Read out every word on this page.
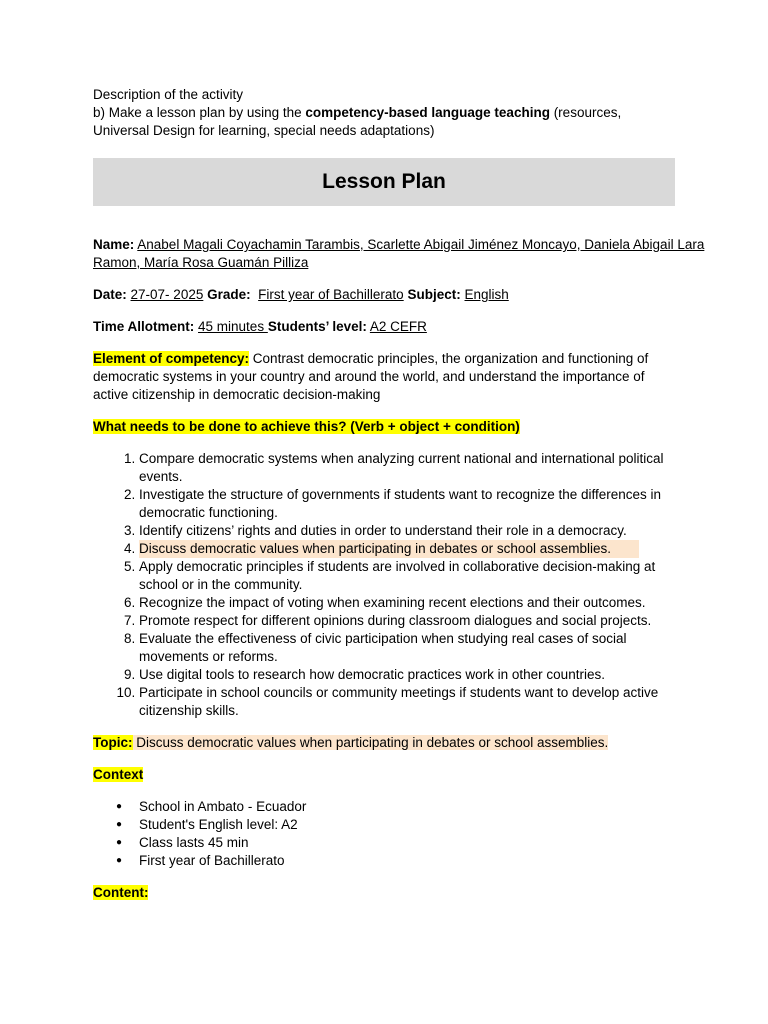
Description of the activity

b) Make a lesson plan by using the competency-based language teaching (resources, Universal Design for learning, special needs adaptations)

Lesson Plan

Name: Anabel Magali Coyachamin Tarambis, Scarlette Abigail Jiménez Moncayo, Daniela Abigail Lara Ramon, María Rosa Guamán Pilliza

Date: 27-07- 2025 Grade: First year of Bachillerato Subject: English

Time Allotment: 45 minutes Students’ level: A2 CEFR

Element of competency: Contrast democratic principles, the organization and functioning of democratic systems in your country and around the world, and understand the importance of active citizenship in democratic decision-making

What needs to be done to achieve this? (Verb + object + condition)

1. Compare democratic systems when analyzing current national and international political events.
2. Investigate the structure of governments if students want to recognize the differences in democratic functioning.
3. Identify citizens’ rights and duties in order to understand their role in a democracy.
4. Discuss democratic values when participating in debates or school assemblies.
5. Apply democratic principles if students are involved in collaborative decision-making at school or in the community.
6. Recognize the impact of voting when examining recent elections and their outcomes.
7. Promote respect for different opinions during classroom dialogues and social projects.
8. Evaluate the effectiveness of civic participation when studying real cases of social movements or reforms.
9. Use digital tools to research how democratic practices work in other countries.
10. Participate in school councils or community meetings if students want to develop active citizenship skills.

Topic: Discuss democratic values when participating in debates or school assemblies.

Context

● School in Ambato - Ecuador
● Student's English level: A2
● Class lasts 45 min
● First year of Bachillerato

Content:
